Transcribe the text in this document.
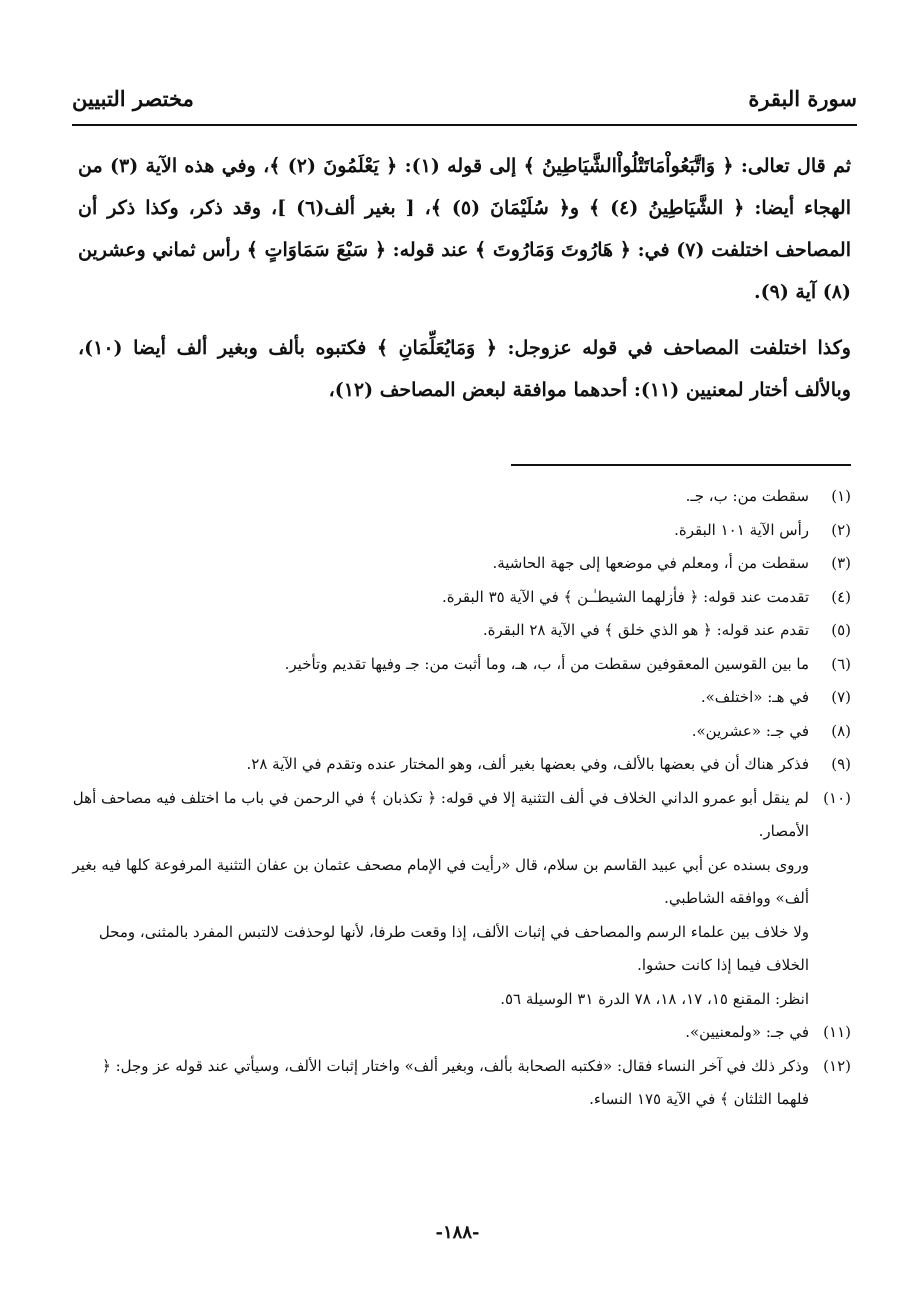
سورة البقرة
مختصر التبيين

ثم قال تعالى: ﴿ وَاتَّبَعُواْمَاتَتْلُواْالشَّيَاطِينُ ﴾ إلى قوله (١): ﴿ يَعْلَمُونَ (٢) ﴾، وفي هذه الآية (٣) من الهجاء أيضا: ﴿ الشَّيَاطِينُ (٤) ﴾ و﴿ سُلَيْمَانَ (٥) ﴾، [ بغير ألف(٦) ]، وقد ذكر، وكذا ذكر أن المصاحف اختلفت (٧) في: ﴿ هَارُوتَ وَمَارُوتَ ﴾ عند قوله: ﴿ سَبْعَ سَمَاوَاتٍ ﴾ رأس ثماني وعشرين (٨) آية (٩).

وكذا اختلفت المصاحف في قوله عزوجل: ﴿ وَمَايُعَلِّمَانِ ﴾ فكتبوه بألف وبغير ألف أيضا (١٠)، وبالألف أختار لمعنيين (١١): أحدهما موافقة لبعض المصاحف (١٢)،

(١)
سقطت من: ب، جـ.
(٢)
رأس الآية ١٠١ البقرة.
(٣)
سقطت من أ، ومعلم في موضعها إلى جهة الحاشية.
(٤)
تقدمت عند قوله: ﴿ فأزلهما الشيطـٰـن ﴾ في الآية ٣٥ البقرة.
(٥)
تقدم عند قوله: ﴿ هو الذي خلق ﴾ في الآية ٢٨ البقرة.
(٦)
ما بين القوسين المعقوفين سقطت من أ، ب، هـ، وما أثبت من: جـ وفيها تقديم وتأخير.
(٧)
في هـ: «اختلف».
(٨)
في جـ: «عشرين».
(٩)
فذكر هناك أن في بعضها بالألف، وفي بعضها بغير ألف، وهو المختار عنده وتقدم في الآية ٢٨.
(١٠)
لم ينقل أبو عمرو الداني الخلاف في ألف التثنية إلا في قوله: ﴿ تكذبان ﴾ في الرحمن في باب ما اختلف فيه مصاحف أهل الأمصار.
وروى بسنده عن أبي عبيد القاسم بن سلام، قال «رأيت في الإمام مصحف عثمان بن عفان التثنية المرفوعة كلها فيه بغير ألف» ووافقه الشاطبي.
ولا خلاف بين علماء الرسم والمصاحف في إثبات الألف، إذا وقعت طرفا، لأنها لوحذفت لالتبس المفرد بالمثنى، ومحل الخلاف فيما إذا كانت حشوا.
انظر: المقنع ١٥، ١٧، ١٨، ٧٨ الدرة ٣١ الوسيلة ٥٦.
(١١)
في جـ: «ولمعنيين».
(١٢)
وذكر ذلك في آخر النساء فقال: «فكتبه الصحابة بألف، وبغير ألف» واختار إثبات الألف، وسيأتي عند قوله عز وجل: ﴿ فلهما الثلثان ﴾ في الآية ١٧٥ النساء.
-١٨٨-
